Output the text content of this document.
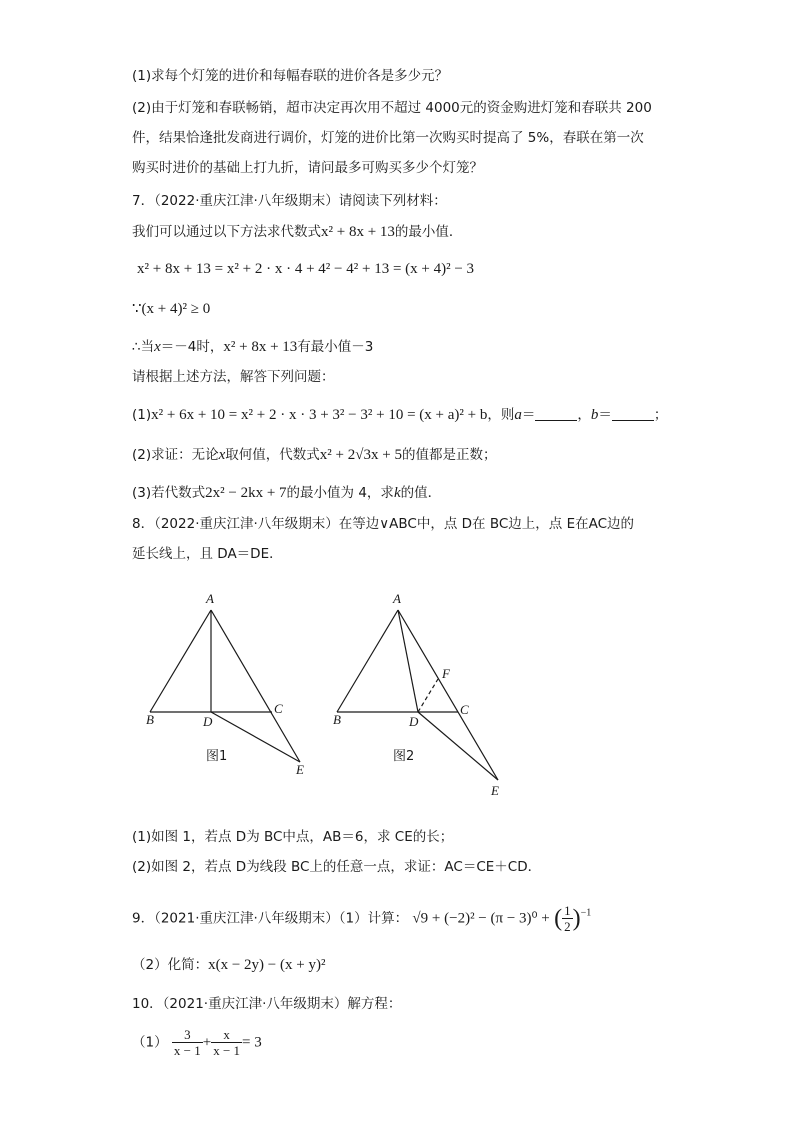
(1)求每个灯笼的进价和每幅春联的进价各是多少元？
(2)由于灯笼和春联畅销，超市决定再次用不超过 4000元的资金购进灯笼和春联共 200
件，结果恰逢批发商进行调价，灯笼的进价比第一次购买时提高了 5%，春联在第一次
购买时进价的基础上打九折，请问最多可购买多少个灯笼？
7．（2022·重庆江津·八年级期末）请阅读下列材料：
我们可以通过以下方法求代数式x² + 8x + 13的最小值．
x² + 8x + 13 = x² + 2 · x · 4 + 4² − 4² + 13 = (x + 4)² − 3
∵(x + 4)² ≥ 0
∴当x＝－4时，x² + 8x + 13有最小值－3
请根据上述方法，解答下列问题：
(1)x² + 6x + 10 = x² + 2 · x · 3 + 3² − 3² + 10 = (x + a)² + b，则a＝	，b＝	；
(2)求证：无论x取何值，代数式x² + 2√3x + 5的值都是正数；
(3)若代数式2x² − 2kx + 7的最小值为 4，求k的值．
8．（2022·重庆江津·八年级期末）在等边∨ABC中，点 D在 BC边上，点 E在AC边的
延长线上，且 DA＝DE．
A
B
C
D
E
图1
A
B
C
D
F
E
图2
(1)如图 1，若点 D为 BC中点，AB＝6，求 CE的长；
(2)如图 2，若点 D为线段 BC上的任意一点，求证：AC＝CE＋CD．
9．（2021·重庆江津·八年级期末）（1）计算： √9 + (−2)² − (π − 3)⁰ + ( $\frac{1}{2} )^{-1}$
（2）化简：x(x − 2y) − (x + y)²
10．（2021·重庆江津·八年级期末）解方程：
$(1) \frac{3}{x - 1} + \frac{x}{x - 1} = 3$
